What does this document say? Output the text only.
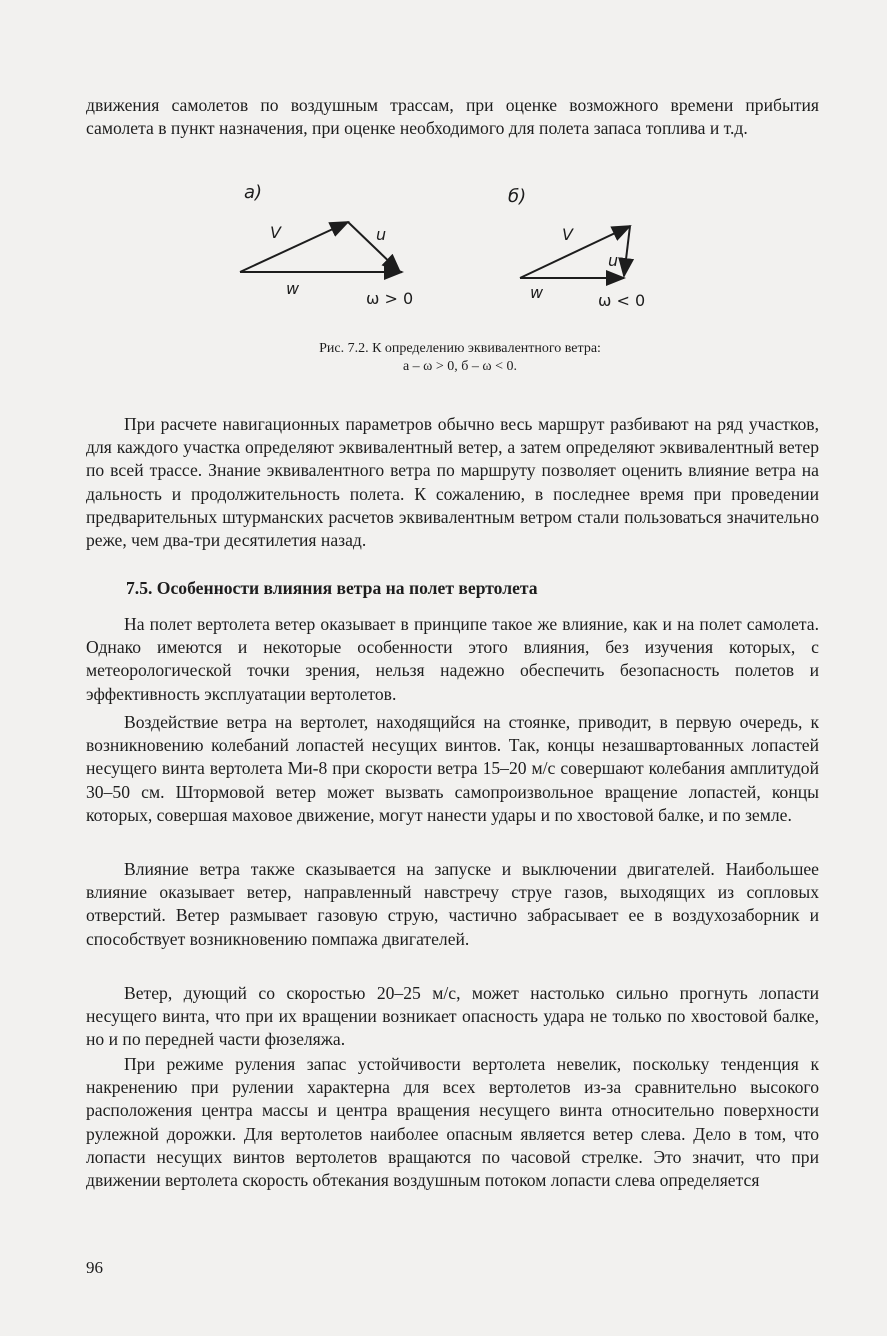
движения самолетов по воздушным трассам, при оценке возможного времени прибытия самолета в пункт назначения, при оценке необходимого для полета запаса топлива и т.д.

а)
V	u
w
ω > 0
б)
V
u
w	ω < 0
Рис. 7.2. К определению эквивалентного ветра:
а – ω > 0, б – ω < 0.

При расчете навигационных параметров обычно весь маршрут разбивают на ряд участков, для каждого участка определяют эквивалентный ветер, а затем определяют эквивалентный ветер по всей трассе. Знание эквивалентного ветра по маршруту позволяет оценить влияние ветра на дальность и продолжительность полета. К сожалению, в последнее время при проведении предварительных штурманских расчетов эквивалентным ветром стали пользоваться значительно реже, чем два-три десятилетия назад.

7.5. Особенности влияния ветра на полет вертолета

На полет вертолета ветер оказывает в принципе такое же влияние, как и на полет самолета. Однако имеются и некоторые особенности этого влияния, без изучения которых, с метеорологической точки зрения, нельзя надежно обеспечить безопасность полетов и эффективность эксплуатации вертолетов.

Воздействие ветра на вертолет, находящийся на стоянке, приводит, в первую очередь, к возникновению колебаний лопастей несущих винтов. Так, концы незашвартованных лопастей несущего винта вертолета Ми-8 при скорости ветра 15–20 м/с совершают колебания амплитудой 30–50 см. Штормовой ветер может вызвать самопроизвольное вращение лопастей, концы которых, совершая маховое движение, могут нанести удары и по хвостовой балке, и по земле.

Влияние ветра также сказывается на запуске и выключении двигателей. Наибольшее влияние оказывает ветер, направленный навстречу струе газов, выходящих из сопловых отверстий. Ветер размывает газовую струю, частично забрасывает ее в воздухозаборник и способствует возникновению помпажа двигателей.

Ветер, дующий со скоростью 20–25 м/с, может настолько сильно прогнуть лопасти несущего винта, что при их вращении возникает опасность удара не только по хвостовой балке, но и по передней части фюзеляжа.

При режиме руления запас устойчивости вертолета невелик, поскольку тенденция к накренению при рулении характерна для всех вертолетов из-за сравнительно высокого расположения центра массы и центра вращения несущего винта относительно поверхности рулежной дорожки. Для вертолетов наиболее опасным является ветер слева. Дело в том, что лопасти несущих винтов вертолетов вращаются по часовой стрелке. Это значит, что при движении вертолета скорость обтекания воздушным потоком лопасти слева определяется

96
